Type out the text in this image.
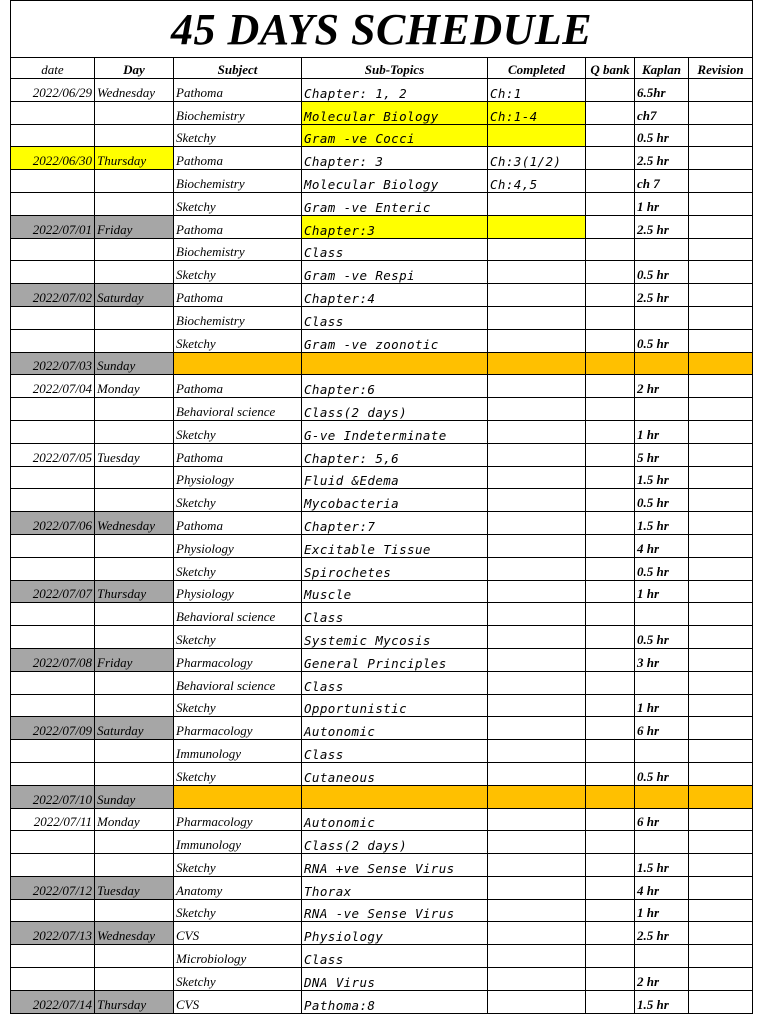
45 DAYS SCHEDULE							
date	Day	Subject	Sub-Topics	Completed	Q bank	Kaplan	Revision
2022/06/29	Wednesday	Pathoma	Chapter: 1, 2	Ch:1		6.5hr	
		Biochemistry	Molecular Biology	Ch:1-4		ch7	
		Sketchy	Gram -ve Cocci			0.5 hr	
2022/06/30	Thursday	Pathoma	Chapter: 3	Ch:3(1/2)		2.5 hr	
		Biochemistry	Molecular Biology	Ch:4,5		ch 7	
		Sketchy	Gram -ve Enteric			1 hr	
2022/07/01	Friday	Pathoma	Chapter:3			2.5 hr	
		Biochemistry	Class				
		Sketchy	Gram -ve Respi			0.5 hr	
2022/07/02	Saturday	Pathoma	Chapter:4			2.5 hr	
		Biochemistry	Class				
		Sketchy	Gram -ve zoonotic			0.5 hr	
2022/07/03	Sunday						
2022/07/04	Monday	Pathoma	Chapter:6			2 hr	
		Behavioral science	Class(2 days)				
		Sketchy	G-ve Indeterminate			1 hr	
2022/07/05	Tuesday	Pathoma	Chapter: 5,6			5 hr	
		Physiology	Fluid &Edema			1.5 hr	
		Sketchy	Mycobacteria			0.5 hr	
2022/07/06	Wednesday	Pathoma	Chapter:7			1.5 hr	
		Physiology	Excitable Tissue			4 hr	
		Sketchy	Spirochetes			0.5 hr	
2022/07/07	Thursday	Physiology	Muscle			1 hr	
		Behavioral science	Class				
		Sketchy	Systemic Mycosis			0.5 hr	
2022/07/08	Friday	Pharmacology	General Principles			3 hr	
		Behavioral science	Class				
		Sketchy	Opportunistic			1 hr	
2022/07/09	Saturday	Pharmacology	Autonomic			6 hr	
		Immunology	Class				
		Sketchy	Cutaneous			0.5 hr	
2022/07/10	Sunday						
2022/07/11	Monday	Pharmacology	Autonomic			6 hr	
		Immunology	Class(2 days)				
		Sketchy	RNA +ve Sense Virus			1.5 hr	
2022/07/12	Tuesday	Anatomy	Thorax			4 hr	
		Sketchy	RNA -ve Sense Virus			1 hr	
2022/07/13	Wednesday	CVS	Physiology			2.5 hr	
		Microbiology	Class				
		Sketchy	DNA Virus			2 hr	
2022/07/14	Thursday	CVS	Pathoma:8			1.5 hr	
